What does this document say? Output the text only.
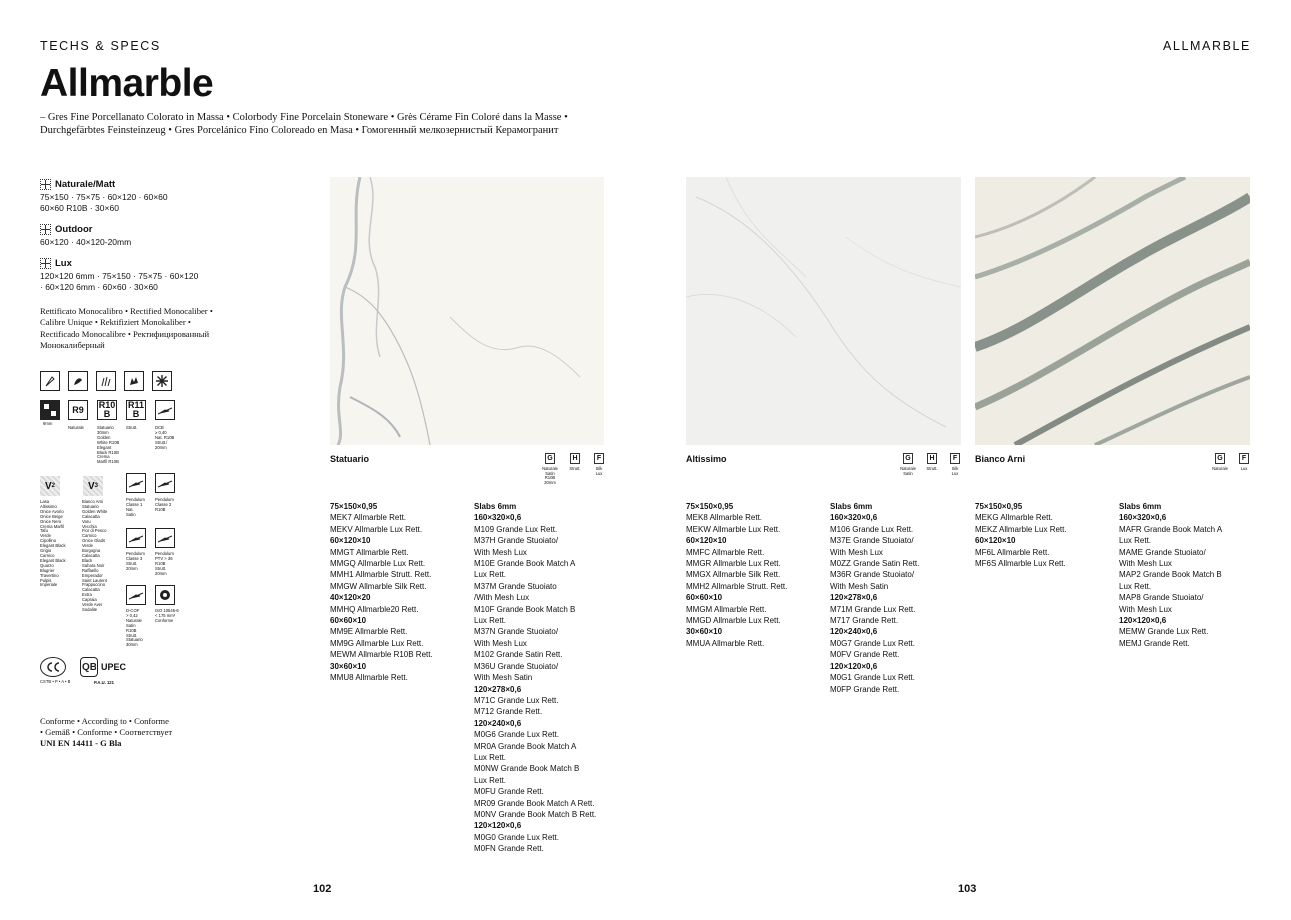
TECHS & SPECS	ALLMARBLE
Allmarble
– Gres Fine Porcellanato Colorato in Massa • Colorbody Fine Porcelain Stoneware • Grès Cérame Fin Coloré dans la Masse •
Durchgefärbtes Feinsteinzeug • Gres Porcelánico Fino Coloreado en Masa • Гомогенный мелкозернистый Керамогранит
Naturale/Matt
75×150 · 75×75 · 60×120 · 60×60
60×60 R10B · 30×60
Outdoor
60×120 · 40×120-20mm
Lux
120×120 6mm · 75×150 · 75×75 · 60×120
· 60×120 6mm · 60×60 · 30×60
Rettificato Monocalibro • Rectified Monocaliber • Calibre Unique • Rektifiziert Monokaliber • Rectificado Monocalibre • Ректифицированный Монокалиберный
9mm
R9
Naturale
R10
B
Statuario
30mm
Golden
White R10B
Elegant
Black R10B
Crema
Marfil R10B
R11
B
Strutt.	DCB
≥ 0,40
Nat. R10B
Strutt./
20mm
V 2
Lasa
Altissimo
Onice Avorio
Onice Beige
Onice Nero
Crema Marfil
Tafu
Verde
Cipollino
Elegant Black
Grigio
Carnico
Elegant Black
Quarzo
Blugrier
Travertino
Pulpis
Imperiale
V 3
Bianco Arni
Statuario
Golden White
Calacatta
Varu
Vecchia
Fior di Pesco
Carnico
Onice Glads
Verde
Borgogna
Calacatta
Black
Sahara Noir
Raffaello
Emperador
Saint Laurent
Frappuccino
Calacatta
Extra
Capraia
Verde Aver
Sodalite
Pendulum
Classe 1
Nat.
Satin
Pendulum
Classe 2
R10B
Pendulum
Classe 3
Strutt.
20mm
Pendulum
PTV > 36
R10B
Strutt.
20mm
D-COF
> 0,42
Naturale
Satin
R10B
Strutt.
Statuario
30mm
ISO 10545-6
< 175 mm³
Conforme
CSTB • P • A • B
QB UPEC
P.A.U. 121
Conforme • According to • Conforme
• Gemäß • Conforme • Соответствует
UNI EN 14411 - G Bla
Statuario	Altissimo	Bianco Arni
G
Naturale
Satin
R10B
30mm
H
Strutt.
F
Silk
Lux
G
Naturale
Satin
H
Strutt.
F
Silk
Lux
G
Naturale
F
Lux
75×150×0,95
MEK7 Allmarble Rett.
MEKV Allmarble Lux Rett.
60×120×10
MMGT Allmarble Rett.
MMGQ Allmarble Lux Rett.
MMH1 Allmarble Strutt. Rett.
MMGW Allmarble Silk Rett.
40×120×20
MMHQ Allmarble20 Rett.
60×60×10
MM9E Allmarble Rett.
MM9G Allmarble Lux Rett.
MEWM Allmarble R10B Rett.
30×60×10
MMU8 Allmarble Rett.
Slabs 6mm
160×320×0,6
M109 Grande Lux Rett.
M37H Grande Stuoiato/
With Mesh Lux
M10E Grande Book Match A
Lux Rett.
M37M Grande Stuoiato
/With Mesh Lux
M10F Grande Book Match B
Lux Rett.
M37N Grande Stuoiato/
With Mesh Lux
M102 Grande Satin Rett.
M36U Grande Stuoiato/
With Mesh Satin
120×278×0,6
M71C Grande Lux Rett.
M712 Grande Rett.
120×240×0,6
M0G6 Grande Lux Rett.
MR0A Grande Book Match A
Lux Rett.
M0NW Grande Book Match B
Lux Rett.
M0FU Grande Rett.
MR09 Grande Book Match A Rett.
M0NV Grande Book Match B Rett.
120×120×0,6
M0G0 Grande Lux Rett.
M0FN Grande Rett.
75×150×0,95
MEK8 Allmarble Rett.
MEKW Allmarble Lux Rett.
60×120×10
MMFC Allmarble Rett.
MMGR Allmarble Lux Rett.
MMGX Allmarble Silk Rett.
MMH2 Allmarble Strutt. Rett.
60×60×10
MMGM Allmarble Rett.
MMGD Allmarble Lux Rett.
30×60×10
MMUA Allmarble Rett.
Slabs 6mm
160×320×0,6
M106 Grande Lux Rett.
M37E Grande Stuoiato/
With Mesh Lux
M0ZZ Grande Satin Rett.
M36R Grande Stuoiato/
With Mesh Satin
120×278×0,6
M71M Grande Lux Rett.
M717 Grande Rett.
120×240×0,6
M0G7 Grande Lux Rett.
M0FV Grande Rett.
120×120×0,6
M0G1 Grande Lux Rett.
M0FP Grande Rett.
75×150×0,95
MEKG Allmarble Rett.
MEKZ Allmarble Lux Rett.
60×120×10
MF6L Allmarble Rett.
MF6S Allmarble Lux Rett.
Slabs 6mm
160×320×0,6
MAFR Grande Book Match A
Lux Rett.
MAME Grande Stuoiato/
With Mesh Lux
MAP2 Grande Book Match B
Lux Rett.
MAP8 Grande Stuoiato/
With Mesh Lux
120×120×0,6
MEMW Grande Lux Rett.
MEMJ Grande Rett.
102	103
